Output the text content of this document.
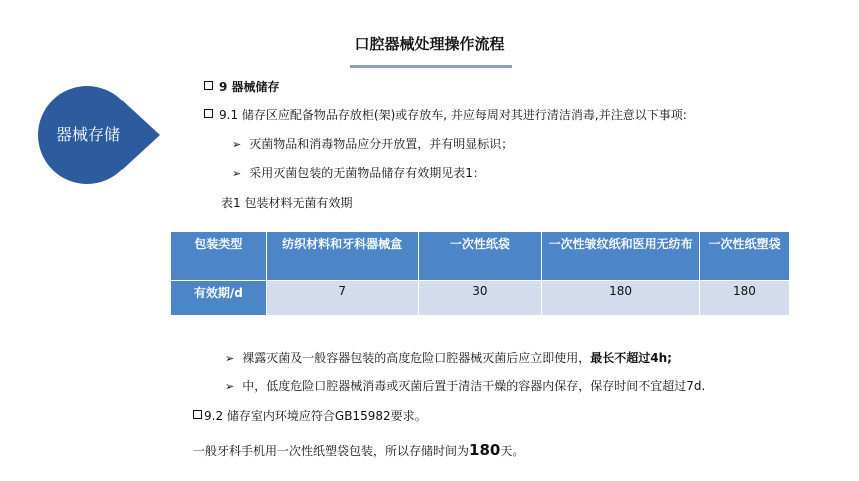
口腔器械处理操作流程
器械存储
9 器械储存
9.1 储存区应配备物品存放柜(架)或存放车, 并应每周对其进行清洁消毒,并注意以下事项:
➢ 灭菌物品和消毒物品应分开放置，并有明显标识；
➢ 采用灭菌包装的无菌物品储存有效期见表1：
表1 包装材料无菌有效期
包装类型	纺织材料和牙科器械盒	一次性纸袋	一次性皱纹纸和医用无纺布	一次性纸塑袋
有效期/d	7	30	180	180
➢ 裸露灭菌及一般容器包装的高度危险口腔器械灭菌后应立即使用，最长不超过4h;
➢ 中，低度危险口腔器械消毒或灭菌后置于清洁干燥的容器内保存，保存时间不宜超过7d.
9.2 储存室内环境应符合GB15982要求。
一般牙科手机用一次性纸塑袋包装，所以存储时间为180天。
